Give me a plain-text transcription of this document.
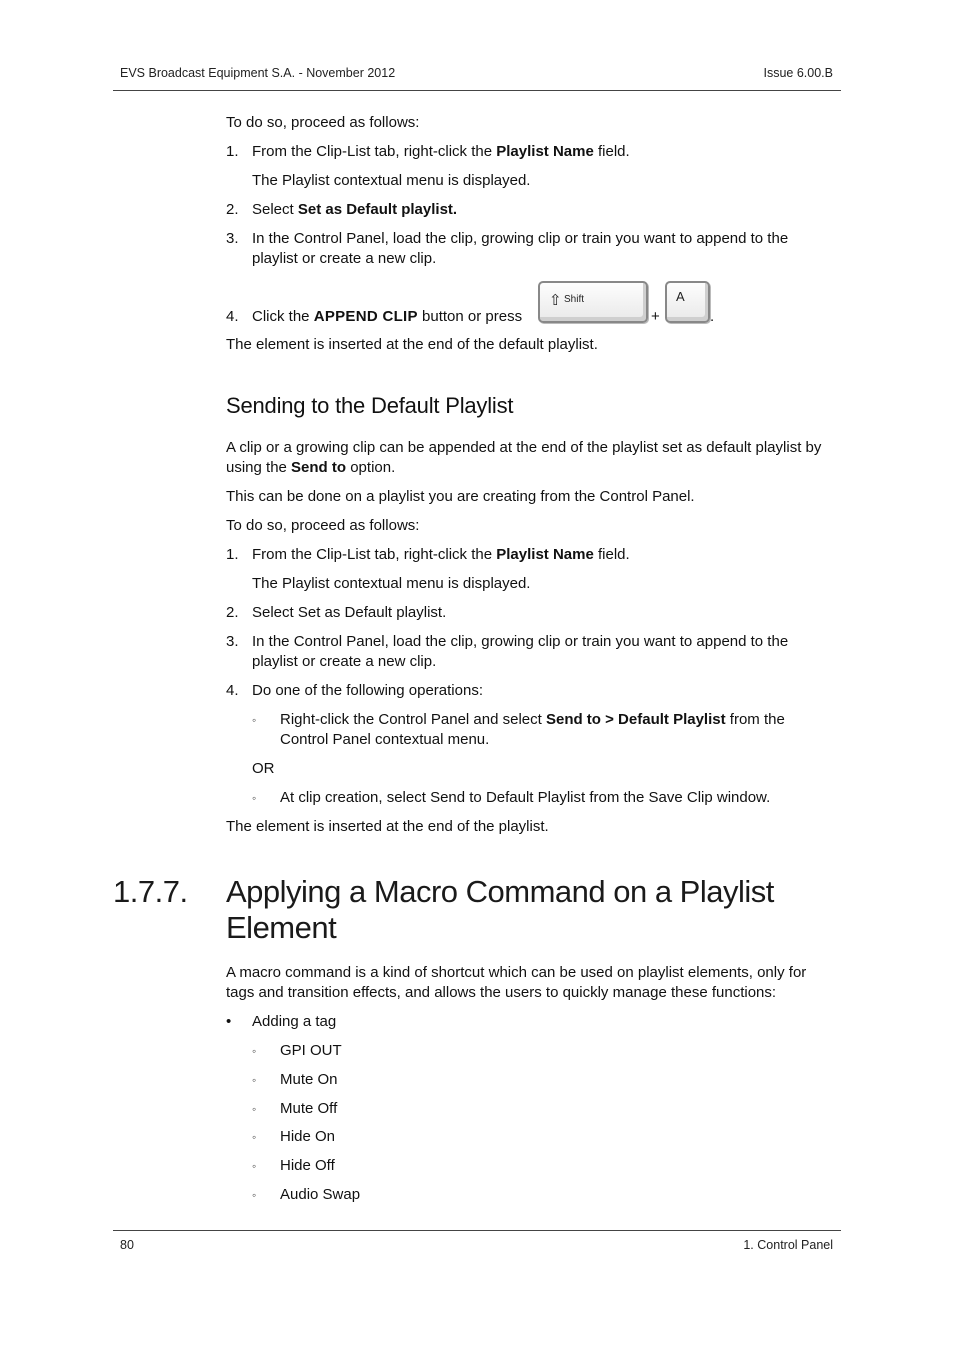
EVS Broadcast Equipment S.A. - November 2012	Issue 6.00.B
To do so, proceed as follows:
1. From the Clip-List tab, right-click the Playlist Name field.
The Playlist contextual menu is displayed.
2. Select Set as Default playlist.
3. In the Control Panel, load the clip, growing clip or train you want to append to the
playlist or create a new clip.
4. Click the APPEND CLIP button or press
⇧ Shift
+
A
.
The element is inserted at the end of the default playlist.
Sending to the Default Playlist
A clip or a growing clip can be appended at the end of the playlist set as default playlist by
using the Send to option.
This can be done on a playlist you are creating from the Control Panel.
To do so, proceed as follows:
1. From the Clip-List tab, right-click the Playlist Name field.
The Playlist contextual menu is displayed.
2. Select Set as Default playlist.
3. In the Control Panel, load the clip, growing clip or train you want to append to the
playlist or create a new clip.
4. Do one of the following operations:
◦ Right-click the Control Panel and select Send to > Default Playlist from the
Control Panel contextual menu.
OR
◦ At clip creation, select Send to Default Playlist from the Save Clip window.
The element is inserted at the end of the playlist.
1.7.7. Applying a Macro Command on a Playlist
Element
A macro command is a kind of shortcut which can be used on playlist elements, only for
tags and transition effects, and allows the users to quickly manage these functions:
• Adding a tag
◦ GPI OUT
◦ Mute On
◦ Mute Off
◦ Hide On
◦ Hide Off
◦ Audio Swap
80	1. Control Panel
